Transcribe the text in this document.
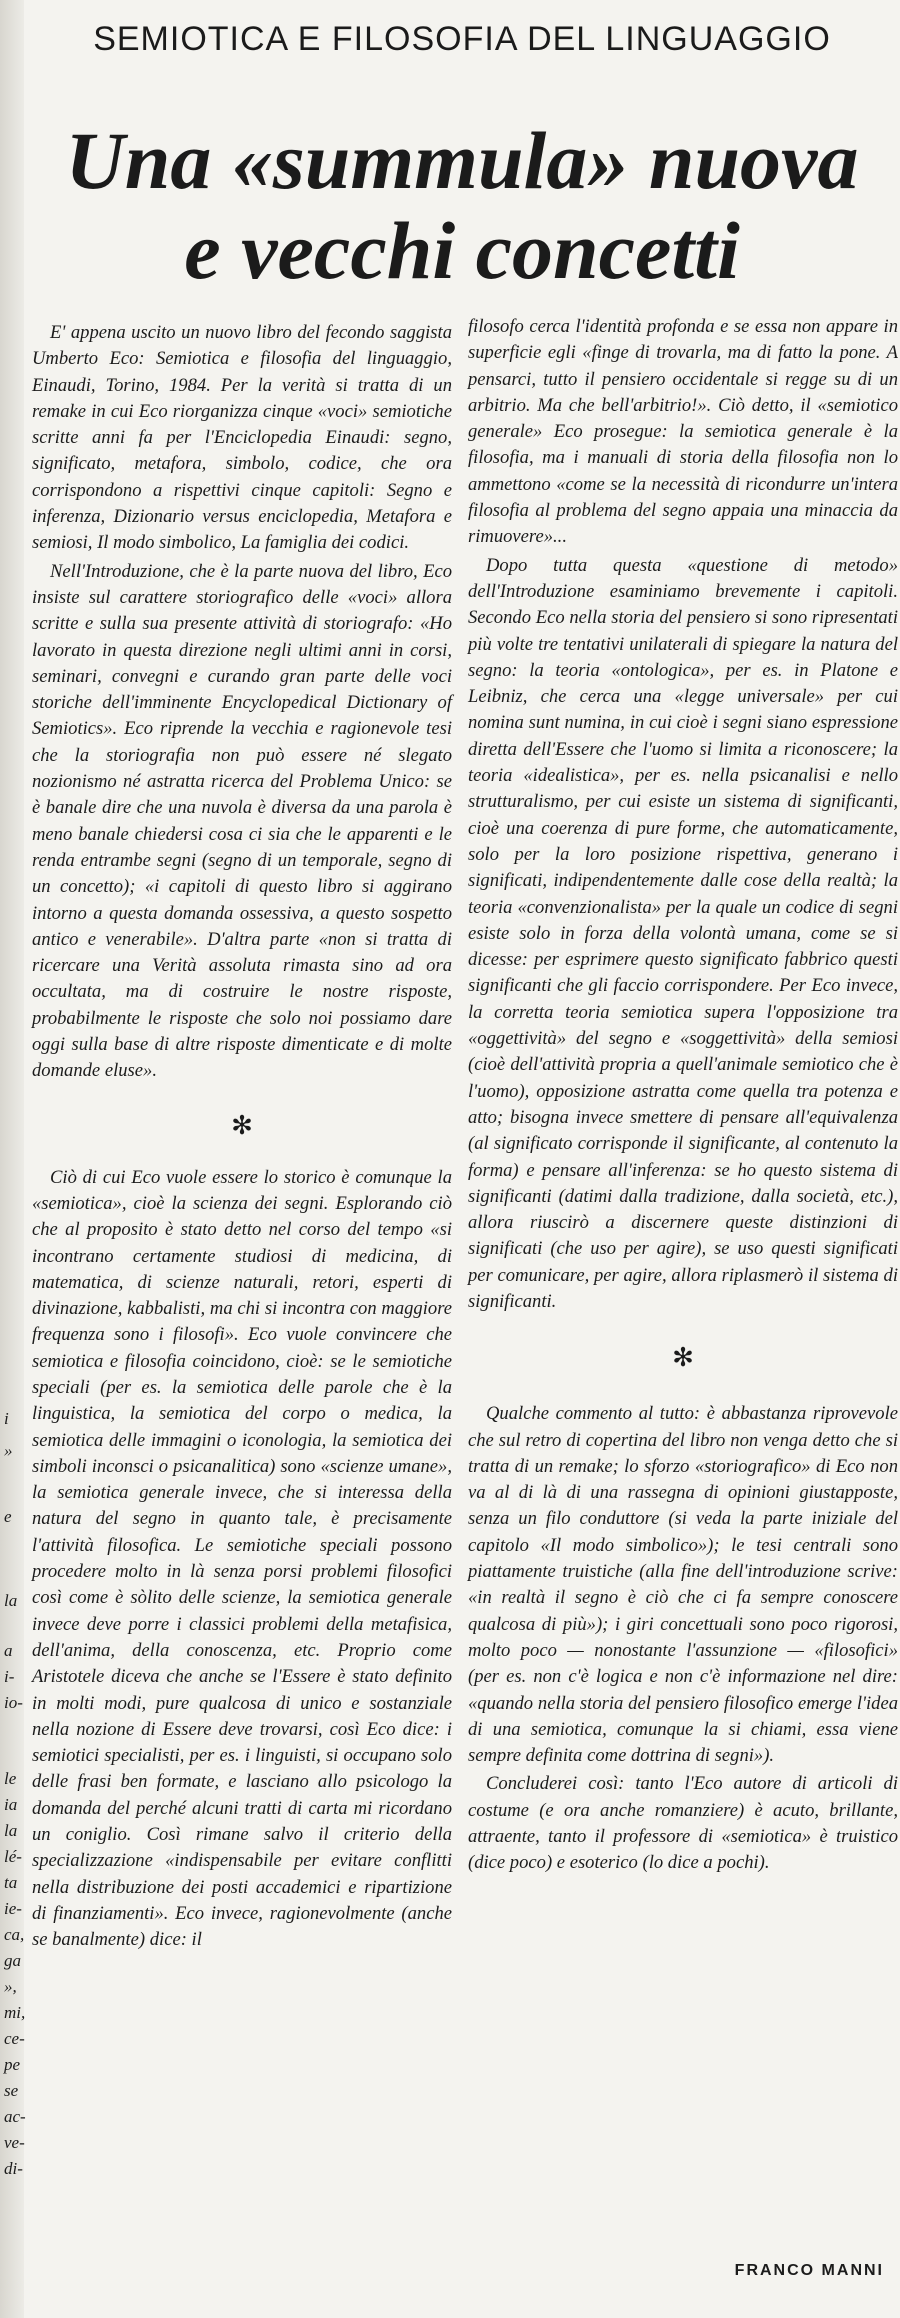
i
»
e
la
a
i-
io-
le
ia
la
lé-
ta
ie-
ca,
ga
»,
mi,
ce-
pe
se
ac-
ve-
di-
SEMIOTICA E FILOSOFIA DEL LINGUAGGIO
Una «summula» nuova
e vecchi concetti

E' appena uscito un nuovo libro del fecondo saggista Umberto Eco: Semiotica e filosofia del linguaggio, Einaudi, Torino, 1984. Per la verità si tratta di un remake in cui Eco riorganizza cinque «voci» semiotiche scritte anni fa per l'Enciclopedia Einaudi: segno, significato, metafora, simbolo, codice, che ora corrispondono a rispettivi cinque capitoli: Segno e inferenza, Dizionario versus enciclopedia, Metafora e semiosi, Il modo simbolico, La famiglia dei codici.

Nell'Introduzione, che è la parte nuova del libro, Eco insiste sul carattere storiografico delle «voci» allora scritte e sulla sua presente attività di storiografo: «Ho lavorato in questa direzione negli ultimi anni in corsi, seminari, convegni e curando gran parte delle voci storiche dell'imminente Encyclopedical Dictionary of Semiotics». Eco riprende la vecchia e ragionevole tesi che la storiografia non può essere né slegato nozionismo né astratta ricerca del Problema Unico: se è banale dire che una nuvola è diversa da una parola è meno banale chiedersi cosa ci sia che le apparenti e le renda entrambe segni (segno di un temporale, segno di un concetto); «i capitoli di questo libro si aggirano intorno a questa domanda ossessiva, a questo sospetto antico e venerabile». D'altra parte «non si tratta di ricercare una Verità assoluta rimasta sino ad ora occultata, ma di costruire le nostre risposte, probabilmente le risposte che solo noi possiamo dare oggi sulla base di altre risposte dimenticate e di molte domande eluse».

✻

Ciò di cui Eco vuole essere lo storico è comunque la «semiotica», cioè la scienza dei segni. Esplorando ciò che al proposito è stato detto nel corso del tempo «si incontrano certamente studiosi di medicina, di matematica, di scienze naturali, retori, esperti di divinazione, kabbalisti, ma chi si incontra con maggiore frequenza sono i filosofi». Eco vuole convincere che semiotica e filosofia coincidono, cioè: se le semiotiche speciali (per es. la semiotica delle parole che è la linguistica, la semiotica del corpo o medica, la semiotica delle immagini o iconologia, la semiotica dei simboli inconsci o psicanalitica) sono «scienze umane», la semiotica generale invece, che si interessa della natura del segno in quanto tale, è precisamente l'attività filosofica. Le semiotiche speciali possono procedere molto in là senza porsi problemi filosofici così come è sòlito delle scienze, la semiotica generale invece deve porre i classici problemi della metafisica, dell'anima, della conoscenza, etc. Proprio come Aristotele diceva che anche se l'Essere è stato definito in molti modi, pure qualcosa di unico e sostanziale nella nozione di Essere deve trovarsi, così Eco dice: i semiotici specialisti, per es. i linguisti, si occupano solo delle frasi ben formate, e lasciano allo psicologo la domanda del perché alcuni tratti di carta mi ricordano un coniglio. Così rimane salvo il criterio della specializzazione «indispensabile per evitare conflitti nella distribuzione dei posti accademici e ripartizione di finanziamenti». Eco invece, ragionevolmente (anche se banalmente) dice: il

filosofo cerca l'identità profonda e se essa non appare in superficie egli «finge di trovarla, ma di fatto la pone. A pensarci, tutto il pensiero occidentale si regge su di un arbitrio. Ma che bell'arbitrio!». Ciò detto, il «semiotico generale» Eco prosegue: la semiotica generale è la filosofia, ma i manuali di storia della filosofia non lo ammettono «come se la necessità di ricondurre un'intera filosofia al problema del segno appaia una minaccia da rimuovere»...

Dopo tutta questa «questione di metodo» dell'Introduzione esaminiamo brevemente i capitoli. Secondo Eco nella storia del pensiero si sono ripresentati più volte tre tentativi unilaterali di spiegare la natura del segno: la teoria «ontologica», per es. in Platone e Leibniz, che cerca una «legge universale» per cui nomina sunt numina, in cui cioè i segni siano espressione diretta dell'Essere che l'uomo si limita a riconoscere; la teoria «idealistica», per es. nella psicanalisi e nello strutturalismo, per cui esiste un sistema di significanti, cioè una coerenza di pure forme, che automaticamente, solo per la loro posizione rispettiva, generano i significati, indipendentemente dalle cose della realtà; la teoria «convenzionalista» per la quale un codice di segni esiste solo in forza della volontà umana, come se si dicesse: per esprimere questo significato fabbrico questi significanti che gli faccio corrispondere. Per Eco invece, la corretta teoria semiotica supera l'opposizione tra «oggettività» del segno e «soggettività» della semiosi (cioè dell'attività propria a quell'animale semiotico che è l'uomo), opposizione astratta come quella tra potenza e atto; bisogna invece smettere di pensare all'equivalenza (al significato corrisponde il significante, al contenuto la forma) e pensare all'inferenza: se ho questo sistema di significanti (datimi dalla tradizione, dalla società, etc.), allora riuscirò a discernere queste distinzioni di significati (che uso per agire), se uso questi significati per comunicare, per agire, allora riplasmerò il sistema di significanti.

✻

Qualche commento al tutto: è abbastanza riprovevole che sul retro di copertina del libro non venga detto che si tratta di un remake; lo sforzo «storiografico» di Eco non va al di là di una rassegna di opinioni giustapposte, senza un filo conduttore (si veda la parte iniziale del capitolo «Il modo simbolico»); le tesi centrali sono piattamente truistiche (alla fine dell'introduzione scrive: «in realtà il segno è ciò che ci fa sempre conoscere qualcosa di più»); i giri concettuali sono poco rigorosi, molto poco — nonostante l'assunzione — «filosofici» (per es. non c'è logica e non c'è informazione nel dire: «quando nella storia del pensiero filosofico emerge l'idea di una semiotica, comunque la si chiami, essa viene sempre definita come dottrina di segni»).

Concluderei così: tanto l'Eco autore di articoli di costume (e ora anche romanziere) è acuto, brillante, attraente, tanto il professore di «semiotica» è truistico (dice poco) e esoterico (lo dice a pochi).

FRANCO MANNI
